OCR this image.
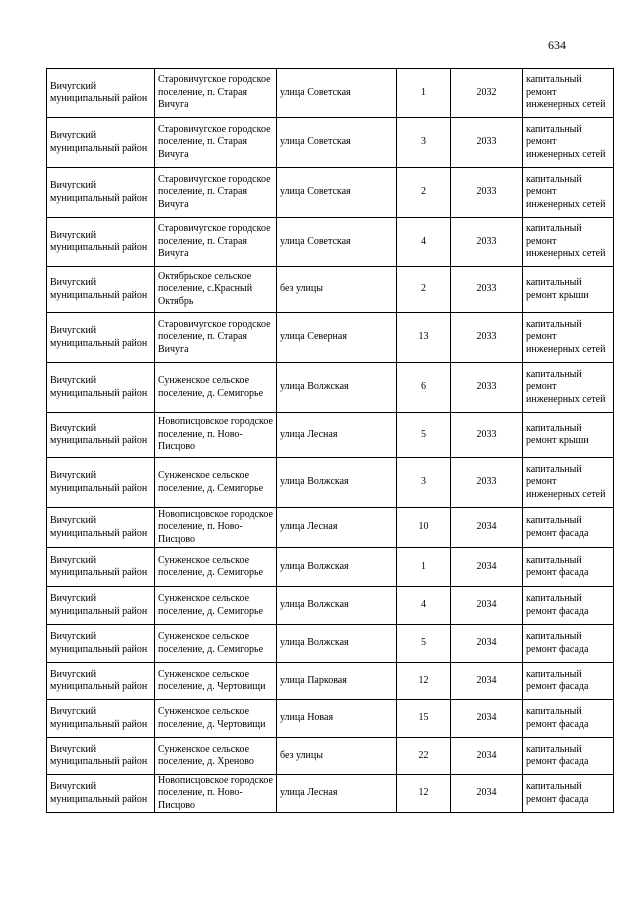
634
Вичугский муниципальный район	Старовичугское городское поселение, п. Старая Вичуга	улица Советская	1	2032	капитальный ремонт инженерных сетей
Вичугский муниципальный район	Старовичугское городское поселение, п. Старая Вичуга	улица Советская	3	2033	капитальный ремонт инженерных сетей
Вичугский муниципальный район	Старовичугское городское поселение, п. Старая Вичуга	улица Советская	2	2033	капитальный ремонт инженерных сетей
Вичугский муниципальный район	Старовичугское городское поселение, п. Старая Вичуга	улица Советская	4	2033	капитальный ремонт инженерных сетей
Вичугский муниципальный район	Октябрьское сельское поселение, с.Красный Октябрь	без улицы	2	2033	капитальный ремонт крыши
Вичугский муниципальный район	Старовичугское городское поселение, п. Старая Вичуга	улица Северная	13	2033	капитальный ремонт инженерных сетей
Вичугский муниципальный район	Сунженское сельское поселение, д. Семигорье	улица Волжская	6	2033	капитальный ремонт инженерных сетей
Вичугский муниципальный район	Новописцовское городское поселение, п. Ново-Писцово	улица Лесная	5	2033	капитальный ремонт крыши
Вичугский муниципальный район	Сунженское сельское поселение, д. Семигорье	улица Волжская	3	2033	капитальный ремонт инженерных сетей
Вичугский муниципальный район	Новописцовское городское поселение, п. Ново-Писцово	улица Лесная	10	2034	капитальный ремонт фасада
Вичугский муниципальный район	Сунженское сельское поселение, д. Семигорье	улица Волжская	1	2034	капитальный ремонт фасада
Вичугский муниципальный район	Сунженское сельское поселение, д. Семигорье	улица Волжская	4	2034	капитальный ремонт фасада
Вичугский муниципальный район	Сунженское сельское поселение, д. Семигорье	улица Волжская	5	2034	капитальный ремонт фасада
Вичугский муниципальный район	Сунженское сельское поселение, д. Чертовищи	улица Парковая	12	2034	капитальный ремонт фасада
Вичугский муниципальный район	Сунженское сельское поселение, д. Чертовищи	улица Новая	15	2034	капитальный ремонт фасада
Вичугский муниципальный район	Сунженское сельское поселение, д. Хреново	без улицы	22	2034	капитальный ремонт фасада
Вичугский муниципальный район	Новописцовское городское поселение, п. Ново-Писцово	улица Лесная	12	2034	капитальный ремонт фасада
